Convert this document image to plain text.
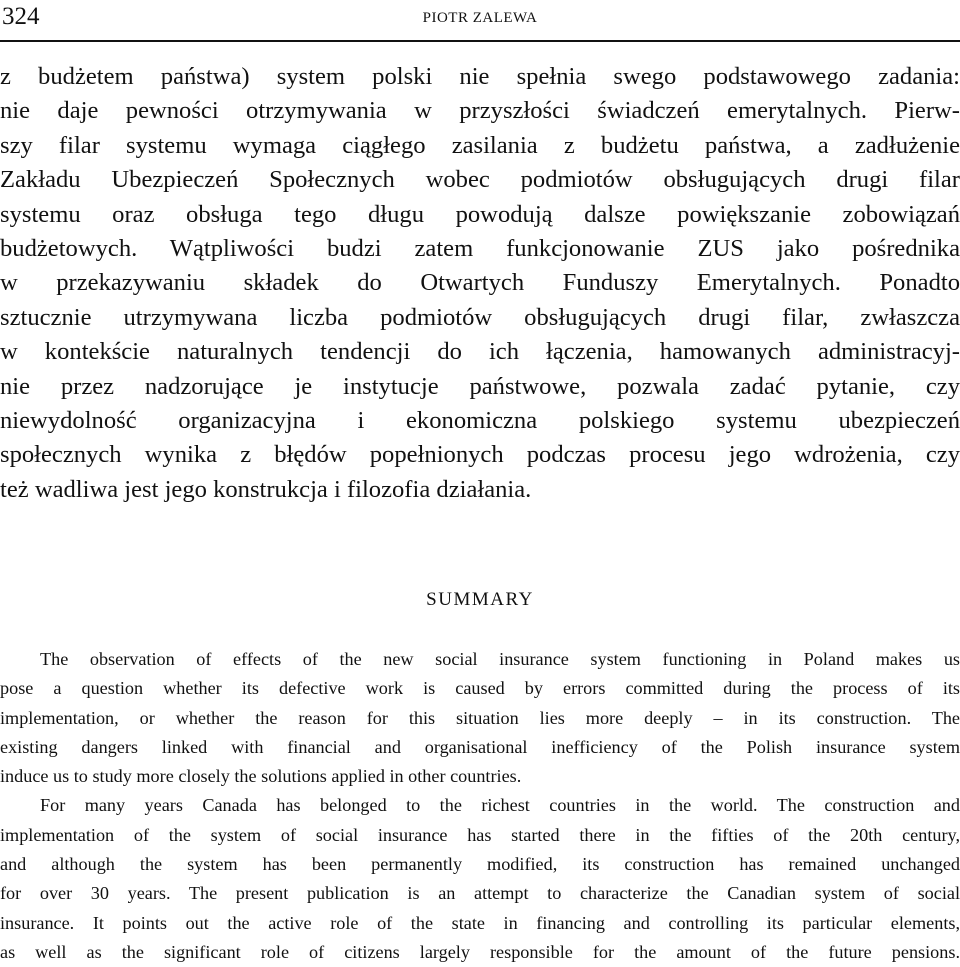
324	PIOTR ZALEWA
z budżetem państwa) system polski nie spełnia swego podstawowego zadania:
nie daje pewności otrzymywania w przyszłości świadczeń emerytalnych. Pierw-
szy filar systemu wymaga ciągłego zasilania z budżetu państwa, a zadłużenie
Zakładu Ubezpieczeń Społecznych wobec podmiotów obsługujących drugi filar
systemu oraz obsługa tego długu powodują dalsze powiększanie zobowiązań
budżetowych. Wątpliwości budzi zatem funkcjonowanie ZUS jako pośrednika
w przekazywaniu składek do Otwartych Funduszy Emerytalnych. Ponadto
sztucznie utrzymywana liczba podmiotów obsługujących drugi filar, zwłaszcza
w kontekście naturalnych tendencji do ich łączenia, hamowanych administracyj-
nie przez nadzorujące je instytucje państwowe, pozwala zadać pytanie, czy
niewydolność organizacyjna i ekonomiczna polskiego systemu ubezpieczeń
społecznych wynika z błędów popełnionych podczas procesu jego wdrożenia, czy
też wadliwa jest jego konstrukcja i filozofia działania.
SUMMARY
The observation of effects of the new social insurance system functioning in Poland makes us
pose a question whether its defective work is caused by errors committed during the process of its
implementation, or whether the reason for this situation lies more deeply – in its construction. The
existing dangers linked with financial and organisational inefficiency of the Polish insurance system
induce us to study more closely the solutions applied in other countries.
For many years Canada has belonged to the richest countries in the world. The construction and
implementation of the system of social insurance has started there in the fifties of the 20th century,
and although the system has been permanently modified, its construction has remained unchanged
for over 30 years. The present publication is an attempt to characterize the Canadian system of social
insurance. It points out the active role of the state in financing and controlling its particular elements,
as well as the significant role of citizens largely responsible for the amount of the future pensions.
